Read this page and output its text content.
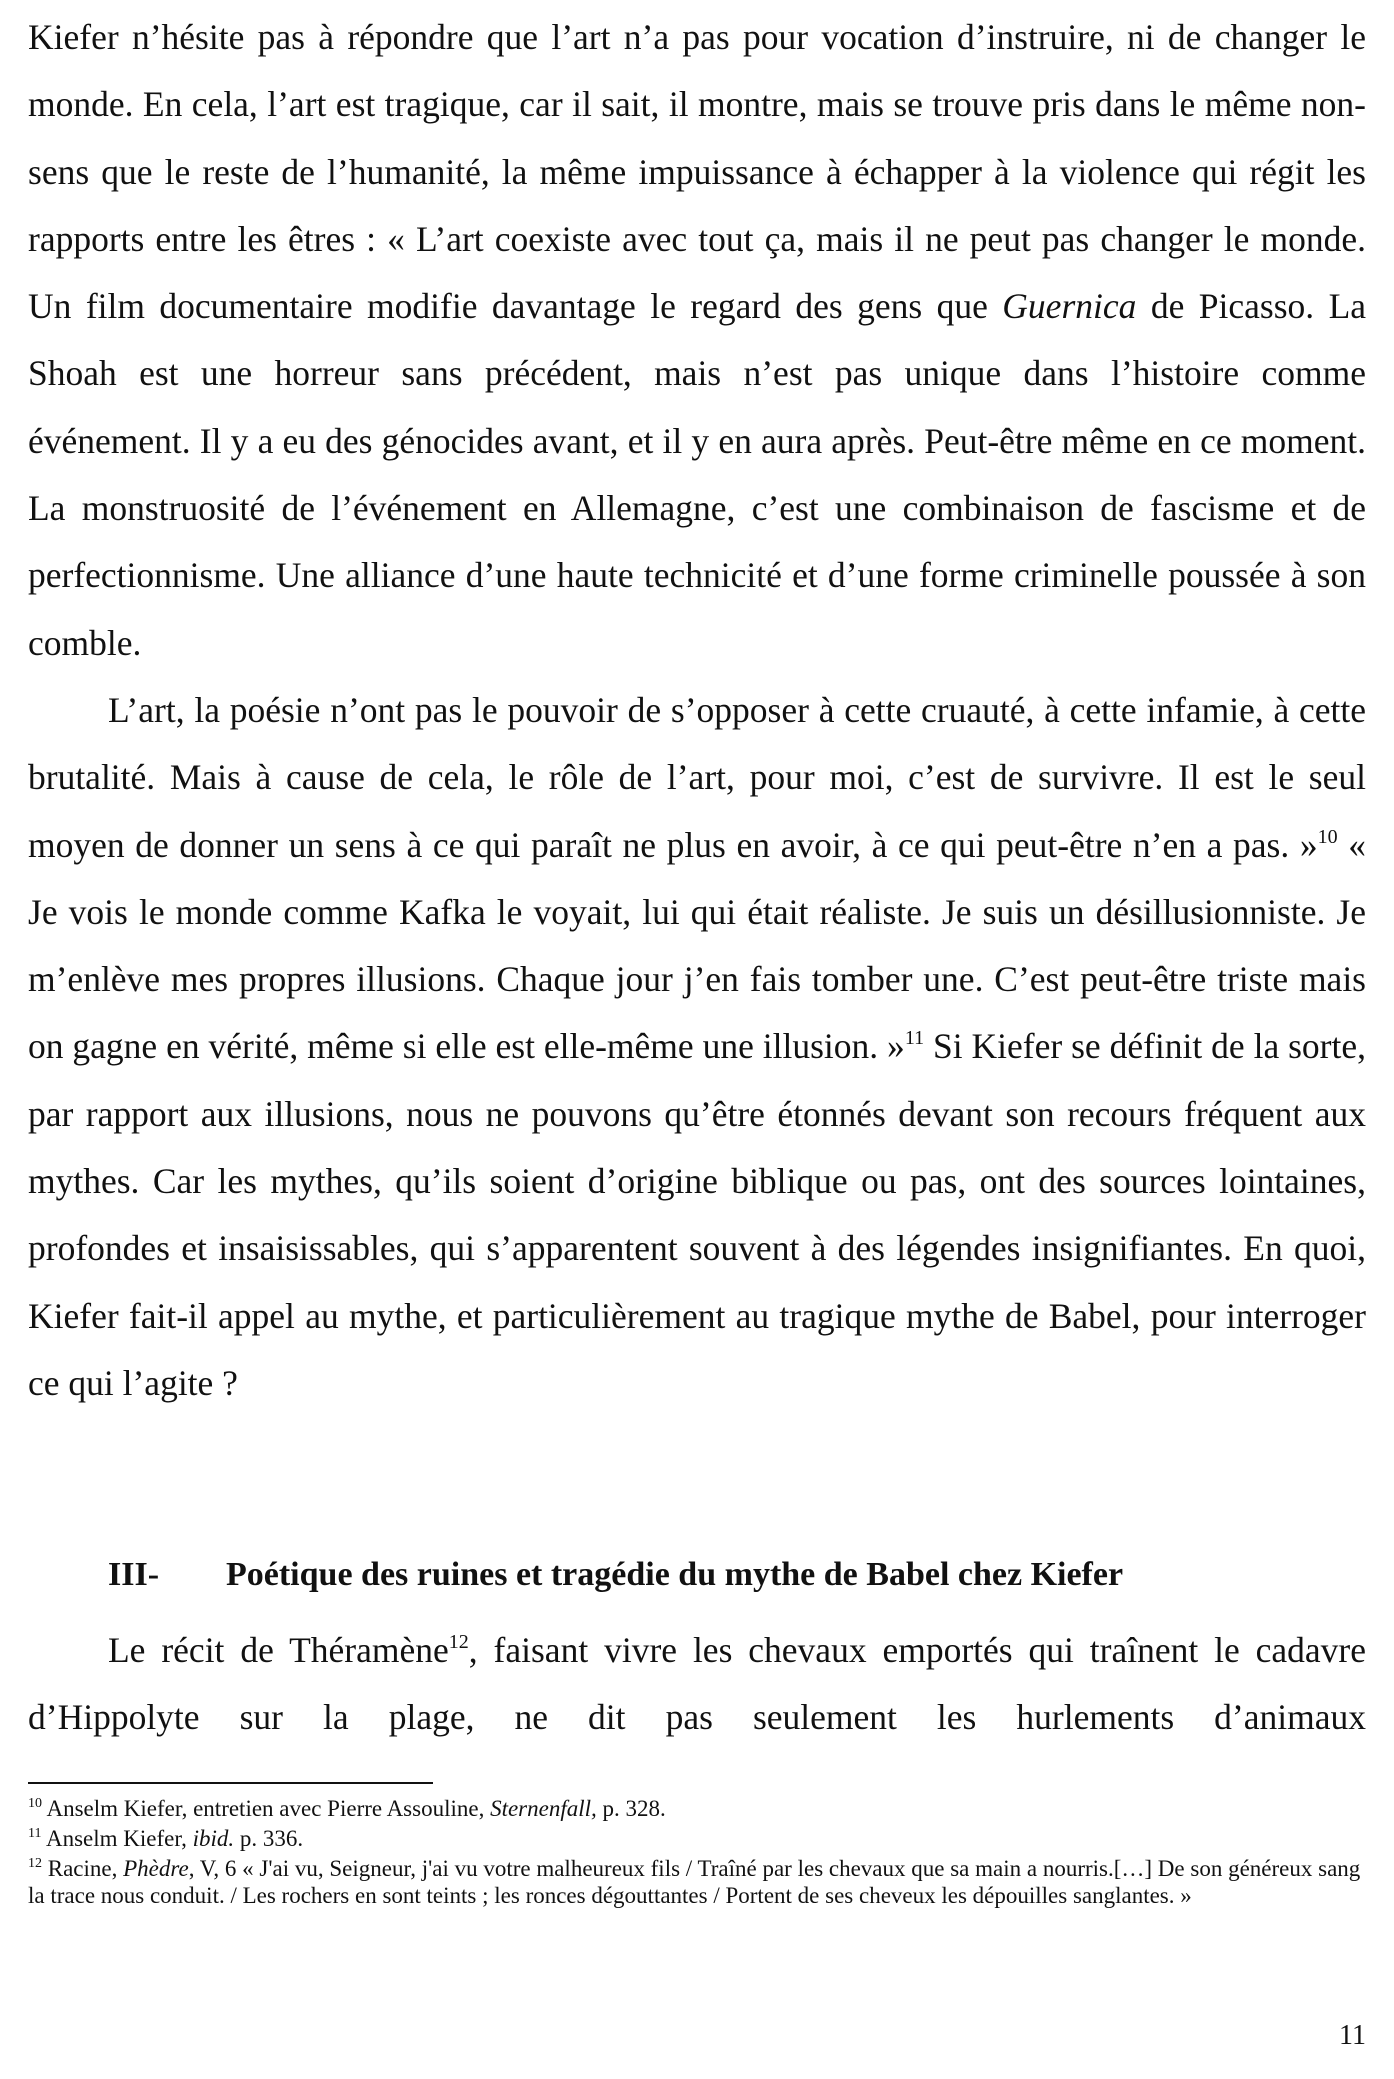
Kiefer n’hésite pas à répondre que l’art n’a pas pour vocation d’instruire, ni de changer le monde. En cela, l’art est tragique, car il sait, il montre, mais se trouve pris dans le même non-sens que le reste de l’humanité, la même impuissance à échapper à la violence qui régit les rapports entre les êtres : « L’art coexiste avec tout ça, mais il ne peut pas changer le monde. Un film documentaire modifie davantage le regard des gens que Guernica de Picasso. La Shoah est une horreur sans précédent, mais n’est pas unique dans l’histoire comme événement. Il y a eu des génocides avant, et il y en aura après. Peut-être même en ce moment. La monstruosité de l’événement en Allemagne, c’est une combinaison de fascisme et de perfectionnisme. Une alliance d’une haute technicité et d’une forme criminelle poussée à son comble.

L’art, la poésie n’ont pas le pouvoir de s’opposer à cette cruauté, à cette infamie, à cette brutalité. Mais à cause de cela, le rôle de l’art, pour moi, c’est de survivre. Il est le seul moyen de donner un sens à ce qui paraît ne plus en avoir, à ce qui peut-être n’en a pas. »$^{10}$ « Je vois le monde comme Kafka le voyait, lui qui était réaliste. Je suis un désillusionniste. Je m’enlève mes propres illusions. Chaque jour j’en fais tomber une. C’est peut-être triste mais on gagne en vérité, même si elle est elle-même une illusion. »$^{11}$ Si Kiefer se définit de la sorte, par rapport aux illusions, nous ne pouvons qu’être étonnés devant son recours fréquent aux mythes. Car les mythes, qu’ils soient d’origine biblique ou pas, ont des sources lointaines, profondes et insaisissables, qui s’apparentent souvent à des légendes insignifiantes. En quoi, Kiefer fait-il appel au mythe, et particulièrement au tragique mythe de Babel, pour interroger ce qui l’agite ?

III- Poétique des ruines et tragédie du mythe de Babel chez Kiefer

Le récit de Théramène$^{12}$, faisant vivre les chevaux emportés qui traînent le cadavre d’Hippolyte sur la plage, ne dit pas seulement les hurlements d’animaux

$^{10}$ Anselm Kiefer, entretien avec Pierre Assouline, Sternenfall, p. 328.

$^{11}$ Anselm Kiefer, ibid. p. 336.

$^{12}$ Racine, Phèdre, V, 6 « J'ai vu, Seigneur, j'ai vu votre malheureux fils / Traîné par les chevaux que sa main a nourris.[…] De son généreux sang la trace nous conduit. / Les rochers en sont teints ; les ronces dégouttantes / Portent de ses cheveux les dépouilles sanglantes. »

11
